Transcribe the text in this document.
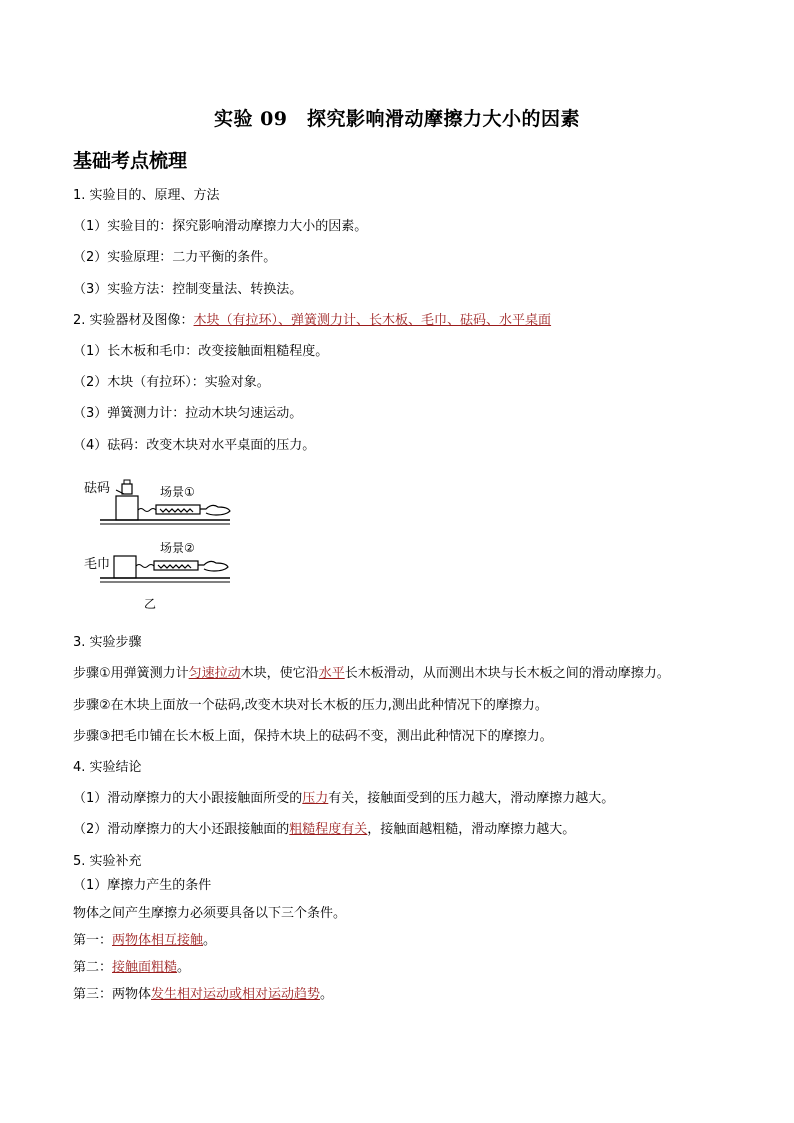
实验 09　探究影响滑动摩擦力大小的因素
基础考点梳理
1. 实验目的、原理、方法
（1）实验目的：探究影响滑动摩擦力大小的因素。
（2）实验原理：二力平衡的条件。
（3）实验方法：控制变量法、转换法。
2. 实验器材及图像：木块（有拉环）、弹簧测力计、长木板、毛巾、砝码、水平桌面
（1）长木板和毛巾：改变接触面粗糙程度。
（2）木块（有拉环）：实验对象。
（3）弹簧测力计：拉动木块匀速运动。
（4）砝码：改变木块对水平桌面的压力。
砝码	场景①
场景②
毛巾
乙
3. 实验步骤
步骤①用弹簧测力计匀速拉动木块，使它沿水平长木板滑动，从而测出木块与长木板之间的滑动摩擦力。
步骤②在木块上面放一个砝码,改变木块对长木板的压力,测出此种情况下的摩擦力。
步骤③把毛巾铺在长木板上面，保持木块上的砝码不变，测出此种情况下的摩擦力。
4. 实验结论
（1）滑动摩擦力的大小跟接触面所受的压力有关，接触面受到的压力越大，滑动摩擦力越大。
（2）滑动摩擦力的大小还跟接触面的粗糙程度有关，接触面越粗糙，滑动摩擦力越大。
5. 实验补充
（1）摩擦力产生的条件
物体之间产生摩擦力必须要具备以下三个条件。
第一：两物体相互接触。
第二：接触面粗糙。
第三：两物体发生相对运动或相对运动趋势。
